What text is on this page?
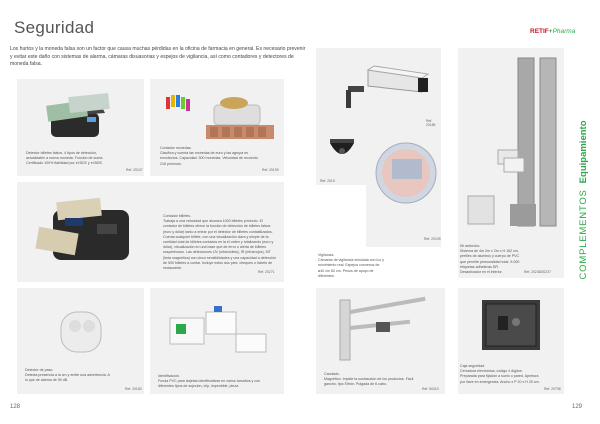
Seguridad

Los hurtos y la moneda falsa son un factor que causa muchas pérdidas en la oficina de farmacia en general. Es necesario prevenir y evitar este daño con sistemas de alarma, cámaras disuasorias y espejos de vigilancia, así como contadores y detectores de moneda falsa.

RETIF+Pharma
Detector billetes falsos. 4 tipos de detección, actualizable a nueva moneda. Función de suma. Certificado 100% fiabilidad por el BCE y el BDE.
Ref. 20247
Contador monedas.
Clasifica y cuenta las monedas de euro y las agrupa en envoltorios. Capacidad: 300 monedas. Velocidad de recuento 216 p/minuto.
Ref. 20199
Contador billetes.
Trabaja a una velocidad que alcanza 1000 billetes p/minuto. El contador de billetes ofrece la función de detección de billetes falsos (euro y dólar) tanto a entrar por el detector de billetes contabilizados. Cuenta cualquier billete, con una visualización clara y simple de la cantidad total de billetes contados en la el orden y totalizando (euro y dólar), visualización en una base que de error o alerta de billetes sospechosos. Las detecciones UV (ultravioleta), IR (infrarrojos), MT (tinta magnética) con cinco sensibilidades y una capacidad a detección de 500 billetes a contar. Incluye estos dos pies: cheques o tickets de restaurante.
Ref. 20271
Ref. 20185
Ref. 2019
Ref. 20249
Vigilancia.
Cámaras de vigilancia simulada con luz y movimiento real. Espejos convexos de ø40 cm 60 cm. Pesos de apoyo de diferentes.
Kit antirrobo.
Sistema de 4m 2m x 2m x H 162 cm, perfiles de aluminio y cuerpo de PVC que permite personalidad total. 5.000 etiquetas adhesivas DR. Desactivador en el interior.	Ref. 20238/20237
Detector de paso.
Detecta presencia a la cm y emite una advertencia. A lo que de alarma de 90 dB.
Ref. 20183
Identificación.
Funda PVC para tarjetas identificativas en varios tamaños y con diferentes tipos de sujeción, clip, imperdible, pinza.
Candado.
Magnético. Impide la sustracción de los productos. Fácil gancho, tipo Eltrón. Pulgada de 6 cabo.
Ref. 50310
Caja seguridad.
Cerradura electrónica, código 4 dígitos. Preparada para fijación a suelo o pared. Apertura por llave en emergencia. Ancho x P 20 x H 20 cm.
Ref. 20798
COMPLEMENTOS
Equipamiento
128	129
